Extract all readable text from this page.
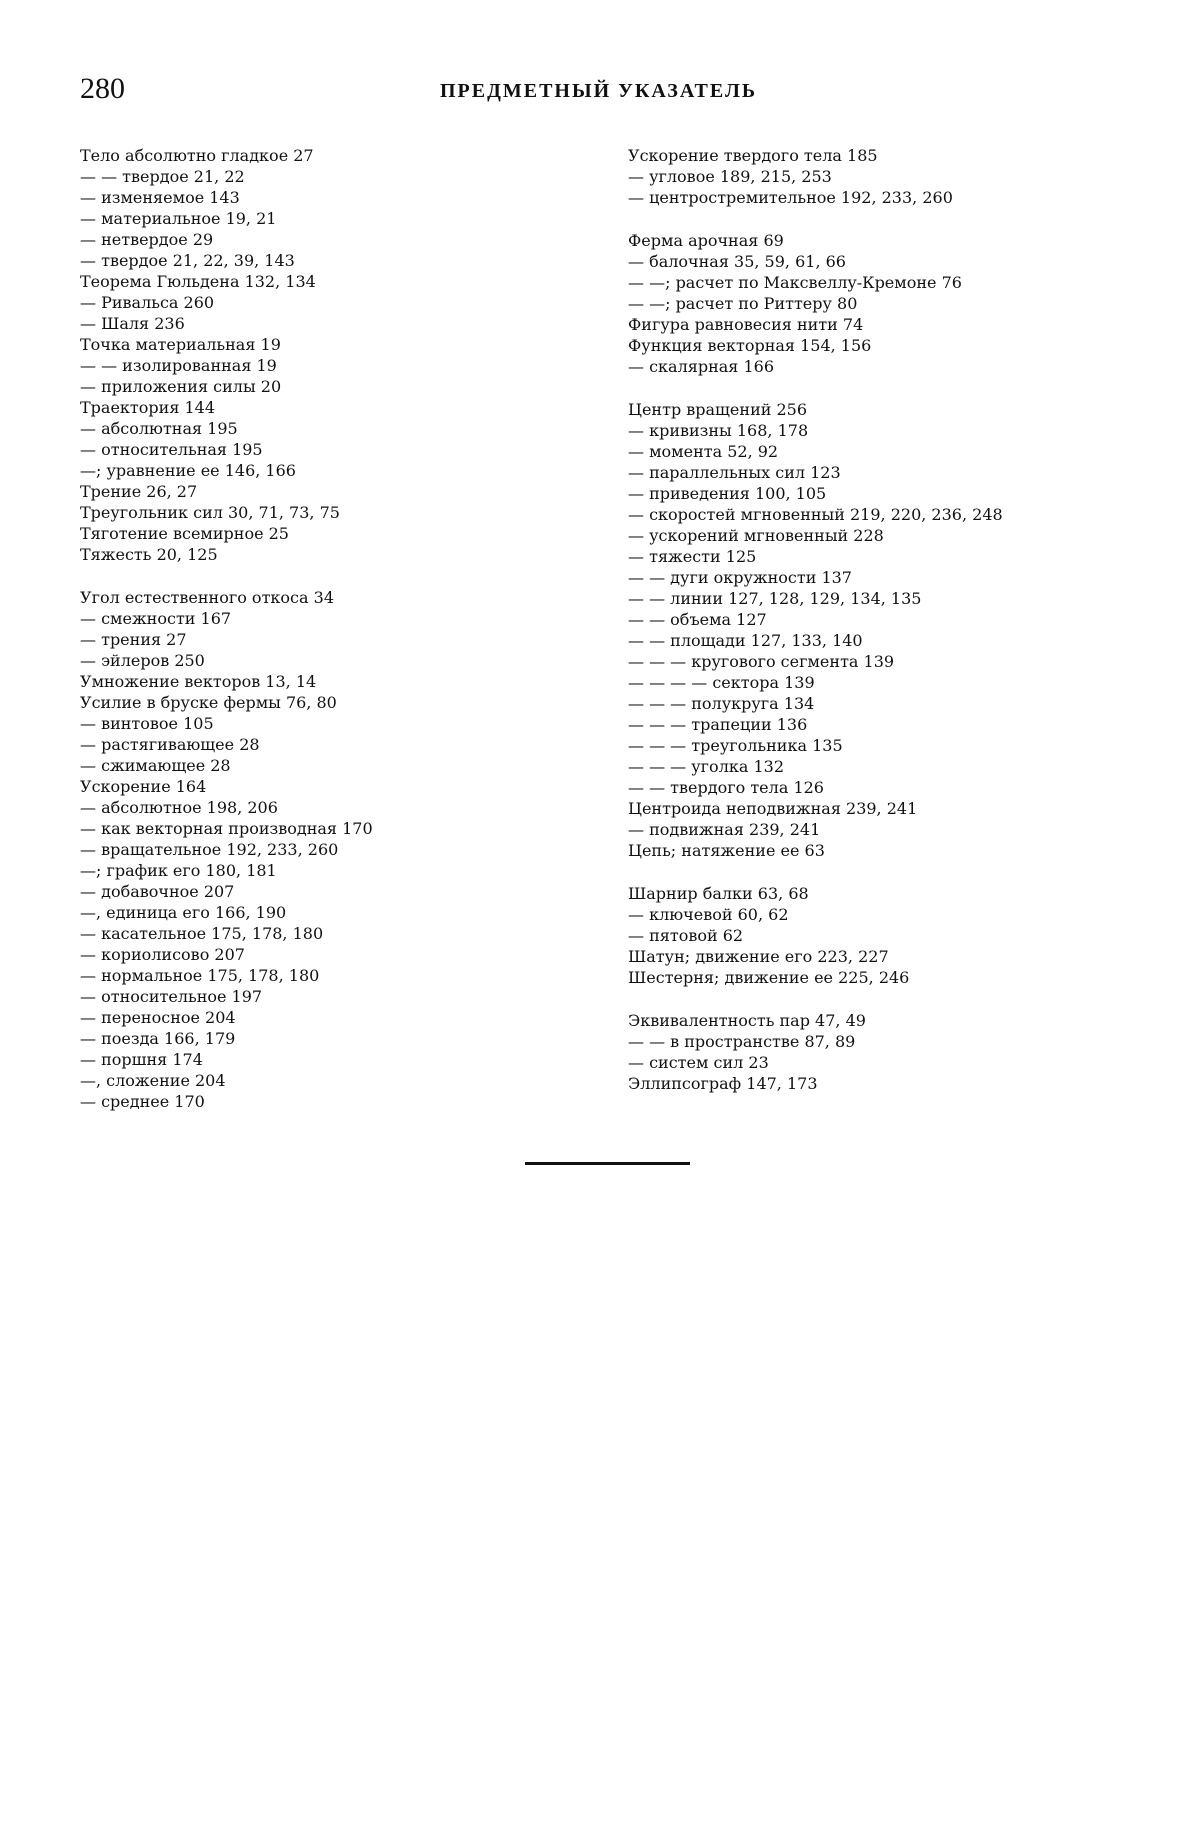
280	ПРЕДМЕТНЫЙ УКАЗАТЕЛЬ
Тело абсолютно гладкое 27
— — твердое 21, 22
— изменяемое 143
— материальное 19, 21
— нетвердое 29
— твердое 21, 22, 39, 143
Теорема Гюльдена 132, 134
— Ривальса 260
— Шаля 236
Точка материальная 19
— — изолированная 19
— приложения силы 20
Траектория 144
— абсолютная 195
— относительная 195
—; уравнение ее 146, 166
Трение 26, 27
Треугольник сил 30, 71, 73, 75
Тяготение всемирное 25
Тяжесть 20, 125
Угол естественного откоса 34
— смежности 167
— трения 27
— эйлеров 250
Умножение векторов 13, 14
Усилие в бруске фермы 76, 80
— винтовое 105
— растягивающее 28
— сжимающее 28
Ускорение 164
— абсолютное 198, 206
— как векторная производная 170
— вращательное 192, 233, 260
—; график его 180, 181
— добавочное 207
—, единица его 166, 190
— касательное 175, 178, 180
— кориолисово 207
— нормальное 175, 178, 180
— относительное 197
— переносное 204
— поезда 166, 179
— поршня 174
—, сложение 204
— среднее 170
Ускорение твердого тела 185
— угловое 189, 215, 253
— центростремительное 192, 233, 260
Ферма арочная 69
— балочная 35, 59, 61, 66
— —; расчет по Максвеллу-Кремоне 76
— —; расчет по Риттеру 80
Фигура равновесия нити 74
Функция векторная 154, 156
— скалярная 166
Центр вращений 256
— кривизны 168, 178
— момента 52, 92
— параллельных сил 123
— приведения 100, 105
— скоростей мгновенный 219, 220, 236, 248
— ускорений мгновенный 228
— тяжести 125
— — дуги окружности 137
— — линии 127, 128, 129, 134, 135
— — объема 127
— — площади 127, 133, 140
— — — кругового сегмента 139
— — — — сектора 139
— — — полукруга 134
— — — трапеции 136
— — — треугольника 135
— — — уголка 132
— — твердого тела 126
Центроида неподвижная 239, 241
— подвижная 239, 241
Цепь; натяжение ее 63
Шарнир балки 63, 68
— ключевой 60, 62
— пятовой 62
Шатун; движение его 223, 227
Шестерня; движение ее 225, 246
Эквивалентность пар 47, 49
— — в пространстве 87, 89
— систем сил 23
Эллипсограф 147, 173
